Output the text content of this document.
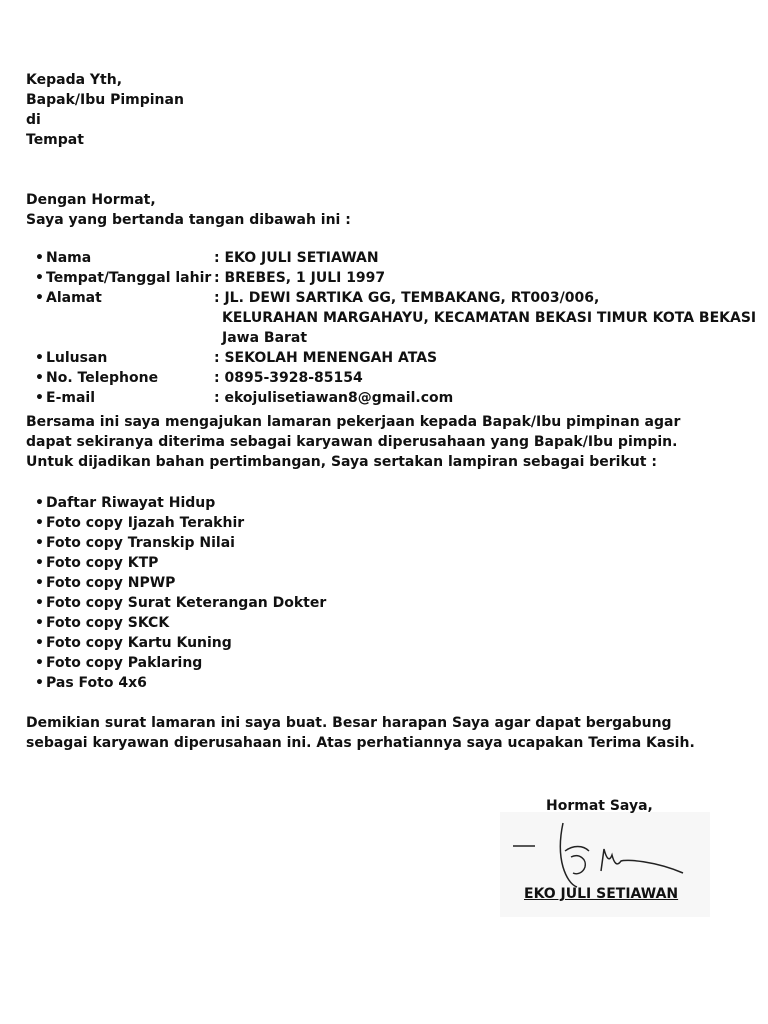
Kepada Yth,
Bapak/Ibu Pimpinan
di
Tempat
Dengan Hormat,
Saya yang bertanda tangan dibawah ini :
• Nama	: EKO JULI SETIAWAN
• Tempat/Tanggal lahir : BREBES, 1 JULI 1997
• Alamat	: JL. DEWI SARTIKA GG, TEMBAKANG, RT003/006,
KELURAHAN MARGAHAYU, KECAMATAN BEKASI TIMUR KOTA BEKASI
Jawa Barat
• Lulusan	: SEKOLAH MENENGAH ATAS
• No. Telephone	: 0895-3928-85154
• E-mail	: ekojulisetiawan8@gmail.com
Bersama ini saya mengajukan lamaran pekerjaan kepada Bapak/Ibu pimpinan agar
dapat sekiranya diterima sebagai karyawan diperusahaan yang Bapak/Ibu pimpin.
Untuk dijadikan bahan pertimbangan, Saya sertakan lampiran sebagai berikut :
• Daftar Riwayat Hidup
• Foto copy Ijazah Terakhir
• Foto copy Transkip Nilai
• Foto copy KTP
• Foto copy NPWP
• Foto copy Surat Keterangan Dokter
• Foto copy SKCK
• Foto copy Kartu Kuning
• Foto copy Paklaring
• Pas Foto 4x6
Demikian surat lamaran ini saya buat. Besar harapan Saya agar dapat bergabung
sebagai karyawan diperusahaan ini. Atas perhatiannya saya ucapakan Terima Kasih.
Hormat Saya,
EKO JULI SETIAWAN
